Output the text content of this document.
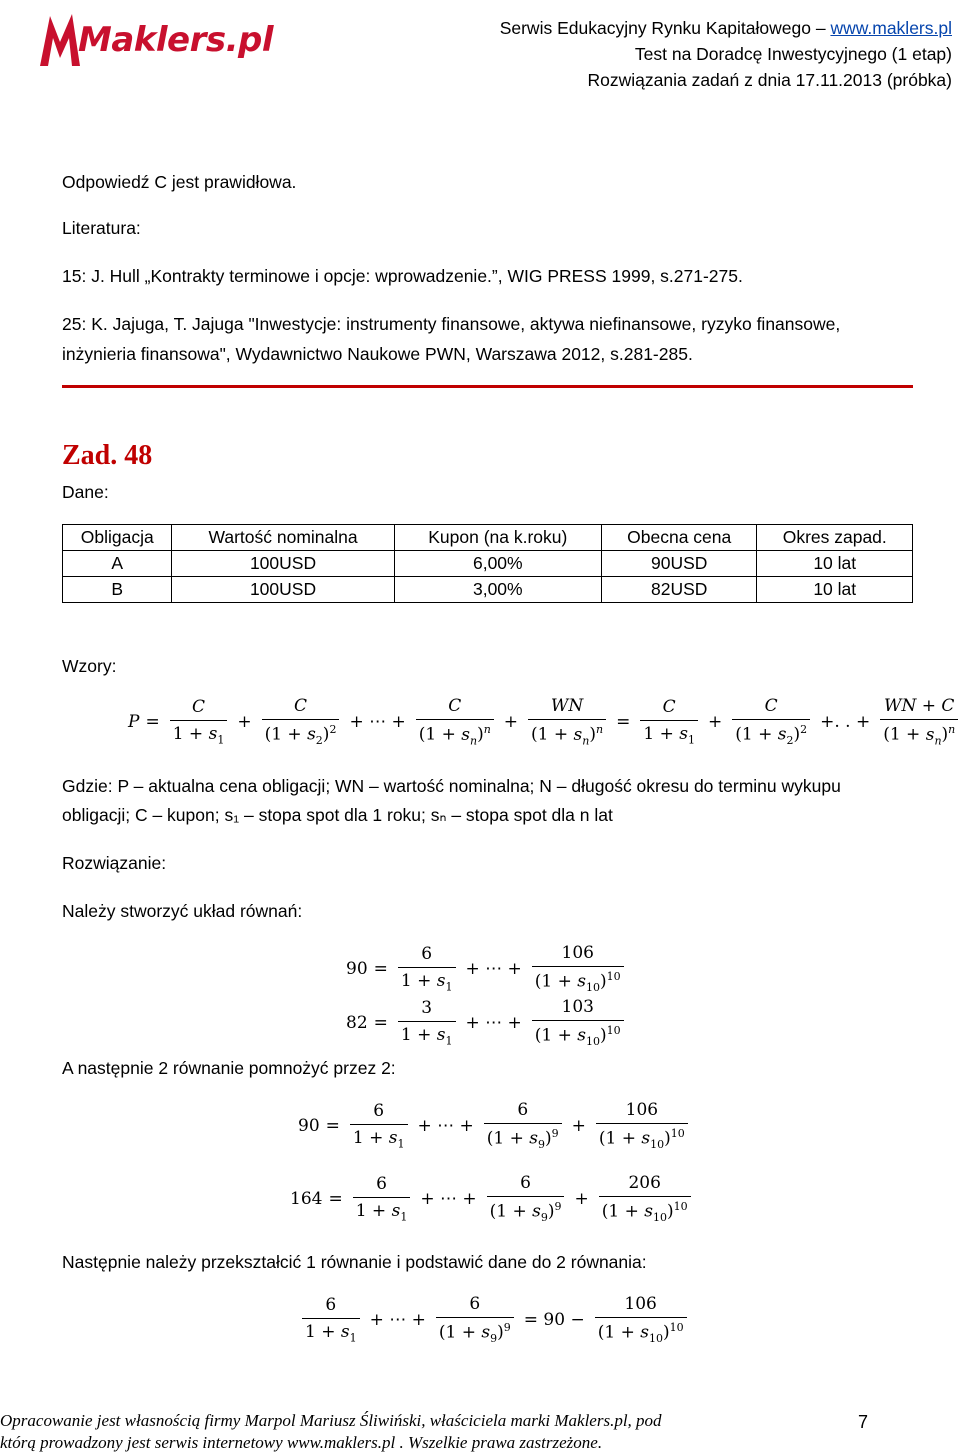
Maklers.pl	Serwis Edukacyjny Rynku Kapitałowego – www.maklers.pl
Test na Doradcę Inwestycyjnego (1 etap)
Rozwiązania zadań z dnia 17.11.2013 (próbka)
Odpowiedź C jest prawidłowa.
Literatura:
15: J. Hull „Kontrakty terminowe i opcje: wprowadzenie.”, WIG PRESS 1999, s.271-275.
25: K. Jajuga, T. Jajuga "Inwestycje: instrumenty finansowe, aktywa niefinansowe, ryzyko finansowe,
inżynieria finansowa", Wydawnictwo Naukowe PWN, Warszawa 2012, s.281-285.
Zad. 48
Dane:
Obligacja	Wartość nominalna	Kupon (na k.roku)	Obecna cena	Okres zapad.
A	100USD	6,00%	90USD	10 lat
B	100USD	3,00%	82USD	10 lat
Wzory:
$P = \frac{C}{1 + s_1} + \frac{C}{(1 + s_2)^2}$ + ⋯ + $\frac{C}{(1 + s_n)^n} + \frac{WN}{(1 + s_n)^n} = \frac{C}{1 + s_1} + \frac{C}{(1 + s_2)^2}$ +. . + $\frac{WN + C}{(1 + s_n)^n}$
Gdzie: P – aktualna cena obligacji; WN – wartość nominalna; N – długość okresu do terminu wykupu
obligacji; C – kupon; s₁ – stopa spot dla 1 roku; sₙ – stopa spot dla n lat
Rozwiązanie:
Należy stworzyć układ równań:
$90 = \frac{6}{1 + s_1}$ + ⋯ + $\frac{106}{(1 + s_{10})^{10}}$
$82 = \frac{3}{1 + s_1}$ + ⋯ + $\frac{103}{(1 + s_{10})^{10}}$
A następnie 2 równanie pomnożyć przez 2:
$90 = \frac{6}{1 + s_1}$ + ⋯ + $\frac{6}{(1 + s_9)^9} + \frac{106}{(1 + s_{10})^{10}}$
$164 = \frac{6}{1 + s_1}$ + ⋯ + $\frac{6}{(1 + s_9)^9} + \frac{206}{(1 + s_{10})^{10}}$
Następnie należy przekształcić 1 równanie i podstawić dane do 2 równania:
$\frac{6}{1 + s_1}$ + ⋯ + $\frac{6}{(1 + s_9)^9} = 90 - \frac{106}{(1 + s_{10})^{10}}$
Opracowanie jest własnością firmy Marpol Mariusz Śliwiński, właściciela marki Maklers.pl, pod
którą prowadzony jest serwis internetowy www.maklers.pl . Wszelkie prawa zastrzeżone.
7
